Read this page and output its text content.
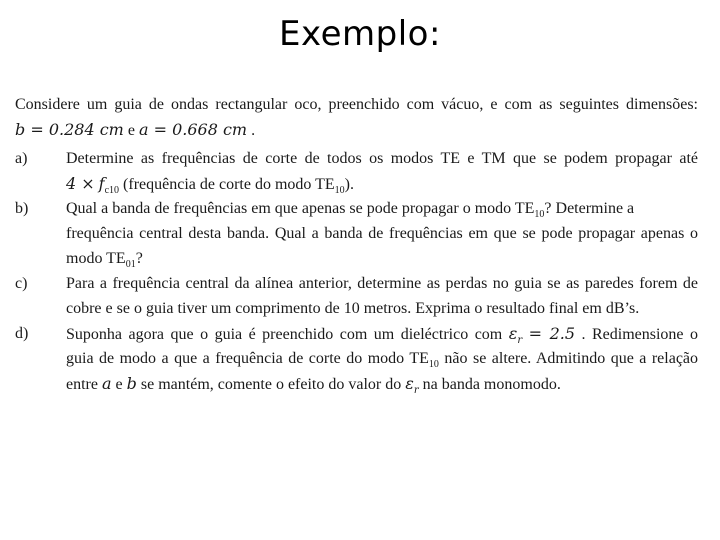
Exemplo:
Considere um guia de ondas rectangular oco, preenchido com vácuo, e com as seguintes dimensões:
b = 0.284 cm e a = 0.668 cm .
a)	Determine as frequências de corte de todos os modos TE e TM que se podem propagar até
$4 \times f_{c10}$ (frequência de corte do modo $TE_{10}$).
b)	Qual a banda de frequências em que apenas se pode propagar o modo $TE_{10}$? Determine a
frequência central desta banda. Qual a banda de frequências em que se pode propagar apenas o
modo $TE_{01}$?
c)	Para a frequência central da alínea anterior, determine as perdas no guia se as paredes forem de
cobre e se o guia tiver um comprimento de 10 metros. Exprima o resultado final em dB’s.
d)	Suponha agora que o guia é preenchido com um dieléctrico com $\varepsilon_r = 2.5$ . Redimensione o
guia de modo a que a frequência de corte do modo $TE_{10}$ não se altere. Admitindo que a relação
entre a e b se mantém, comente o efeito do valor do $\varepsilon_r$ na banda monomodo.
